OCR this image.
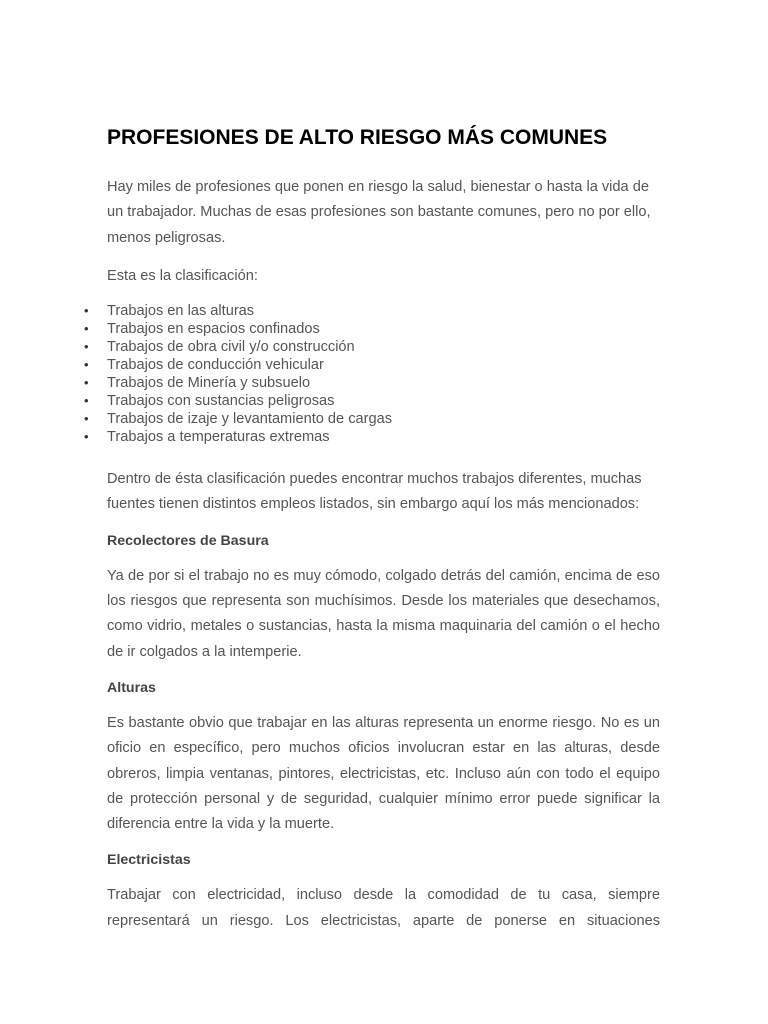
PROFESIONES DE ALTO RIESGO MÁS COMUNES

Hay miles de profesiones que ponen en riesgo la salud, bienestar o hasta la vida de un trabajador. Muchas de esas profesiones son bastante comunes, pero no por ello, menos peligrosas.

Esta es la clasificación:

• Trabajos en las alturas
• Trabajos en espacios confinados
• Trabajos de obra civil y/o construcción
• Trabajos de conducción vehicular
• Trabajos de Minería y subsuelo
• Trabajos con sustancias peligrosas
• Trabajos de izaje y levantamiento de cargas
• Trabajos a temperaturas extremas

Dentro de ésta clasificación puedes encontrar muchos trabajos diferentes, muchas fuentes tienen distintos empleos listados, sin embargo aquí los más mencionados:

Recolectores de Basura

Ya de por si el trabajo no es muy cómodo, colgado detrás del camión, encima de eso los riesgos que representa son muchísimos. Desde los materiales que desechamos, como vidrio, metales o sustancias, hasta la misma maquinaria del camión o el hecho de ir colgados a la intemperie.

Alturas

Es bastante obvio que trabajar en las alturas representa un enorme riesgo. No es un oficio en específico, pero muchos oficios involucran estar en las alturas, desde obreros, limpia ventanas, pintores, electricistas, etc. Incluso aún con todo el equipo de protección personal y de seguridad, cualquier mínimo error puede significar la diferencia entre la vida y la muerte.

Electricistas

Trabajar con electricidad, incluso desde la comodidad de tu casa, siempre representará un riesgo. Los electricistas, aparte de ponerse en situaciones
